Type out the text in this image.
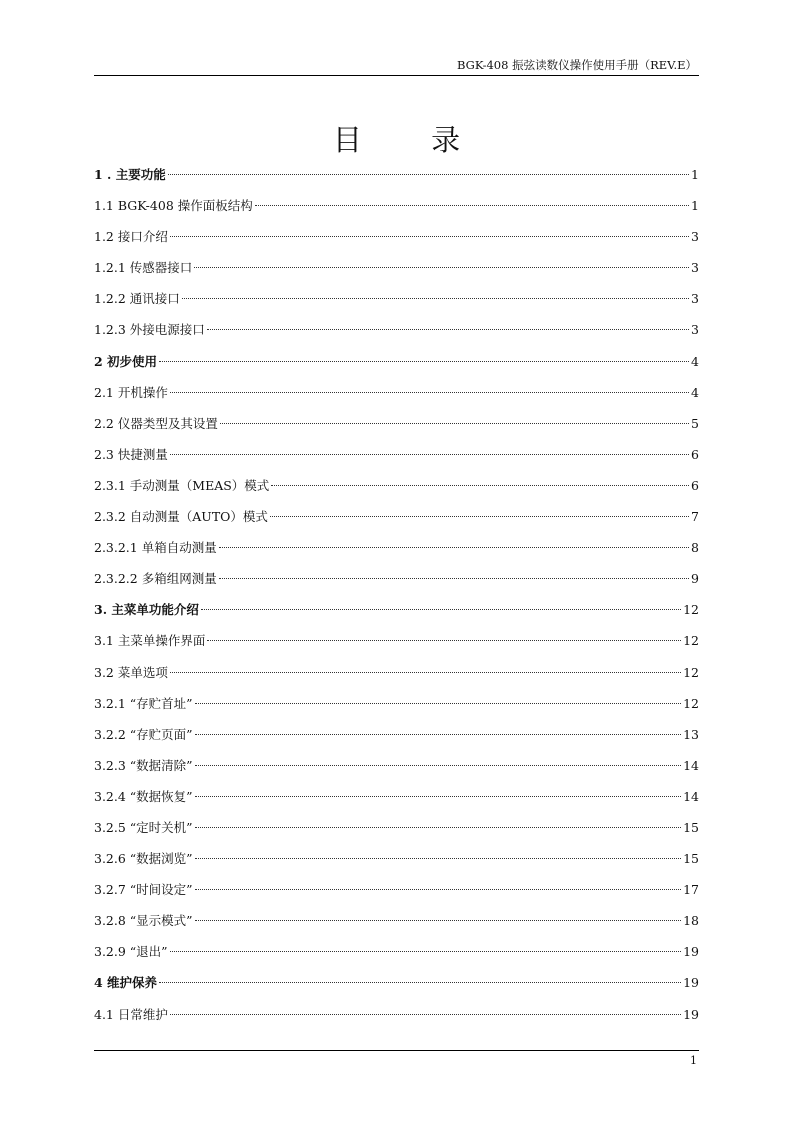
BGK-408 振弦读数仪操作使用手册（REV.E）
目 录
1 . 主要功能	1
1.1 BGK-408 操作面板结构	1
1.2 接口介绍	3
1.2.1 传感器接口	3
1.2.2 通讯接口	3
1.2.3 外接电源接口	3
2 初步使用	4
2.1 开机操作	4
2.2 仪器类型及其设置	5
2.3 快捷测量	6
2.3.1 手动测量（MEAS）模式	6
2.3.2 自动测量（AUTO）模式	7
2.3.2.1 单箱自动测量	8
2.3.2.2 多箱组网测量	9
3. 主菜单功能介绍	12
3.1 主菜单操作界面	12
3.2 菜单选项	12
3.2.1 “存贮首址”	12
3.2.2 “存贮页面”	13
3.2.3 “数据清除”	14
3.2.4 “数据恢复”	14
3.2.5 “定时关机”	15
3.2.6 “数据浏览”	15
3.2.7 “时间设定”	17
3.2.8 “显示模式”	18
3.2.9 “退出”	19
4 维护保养	19
4.1 日常维护	19
1
